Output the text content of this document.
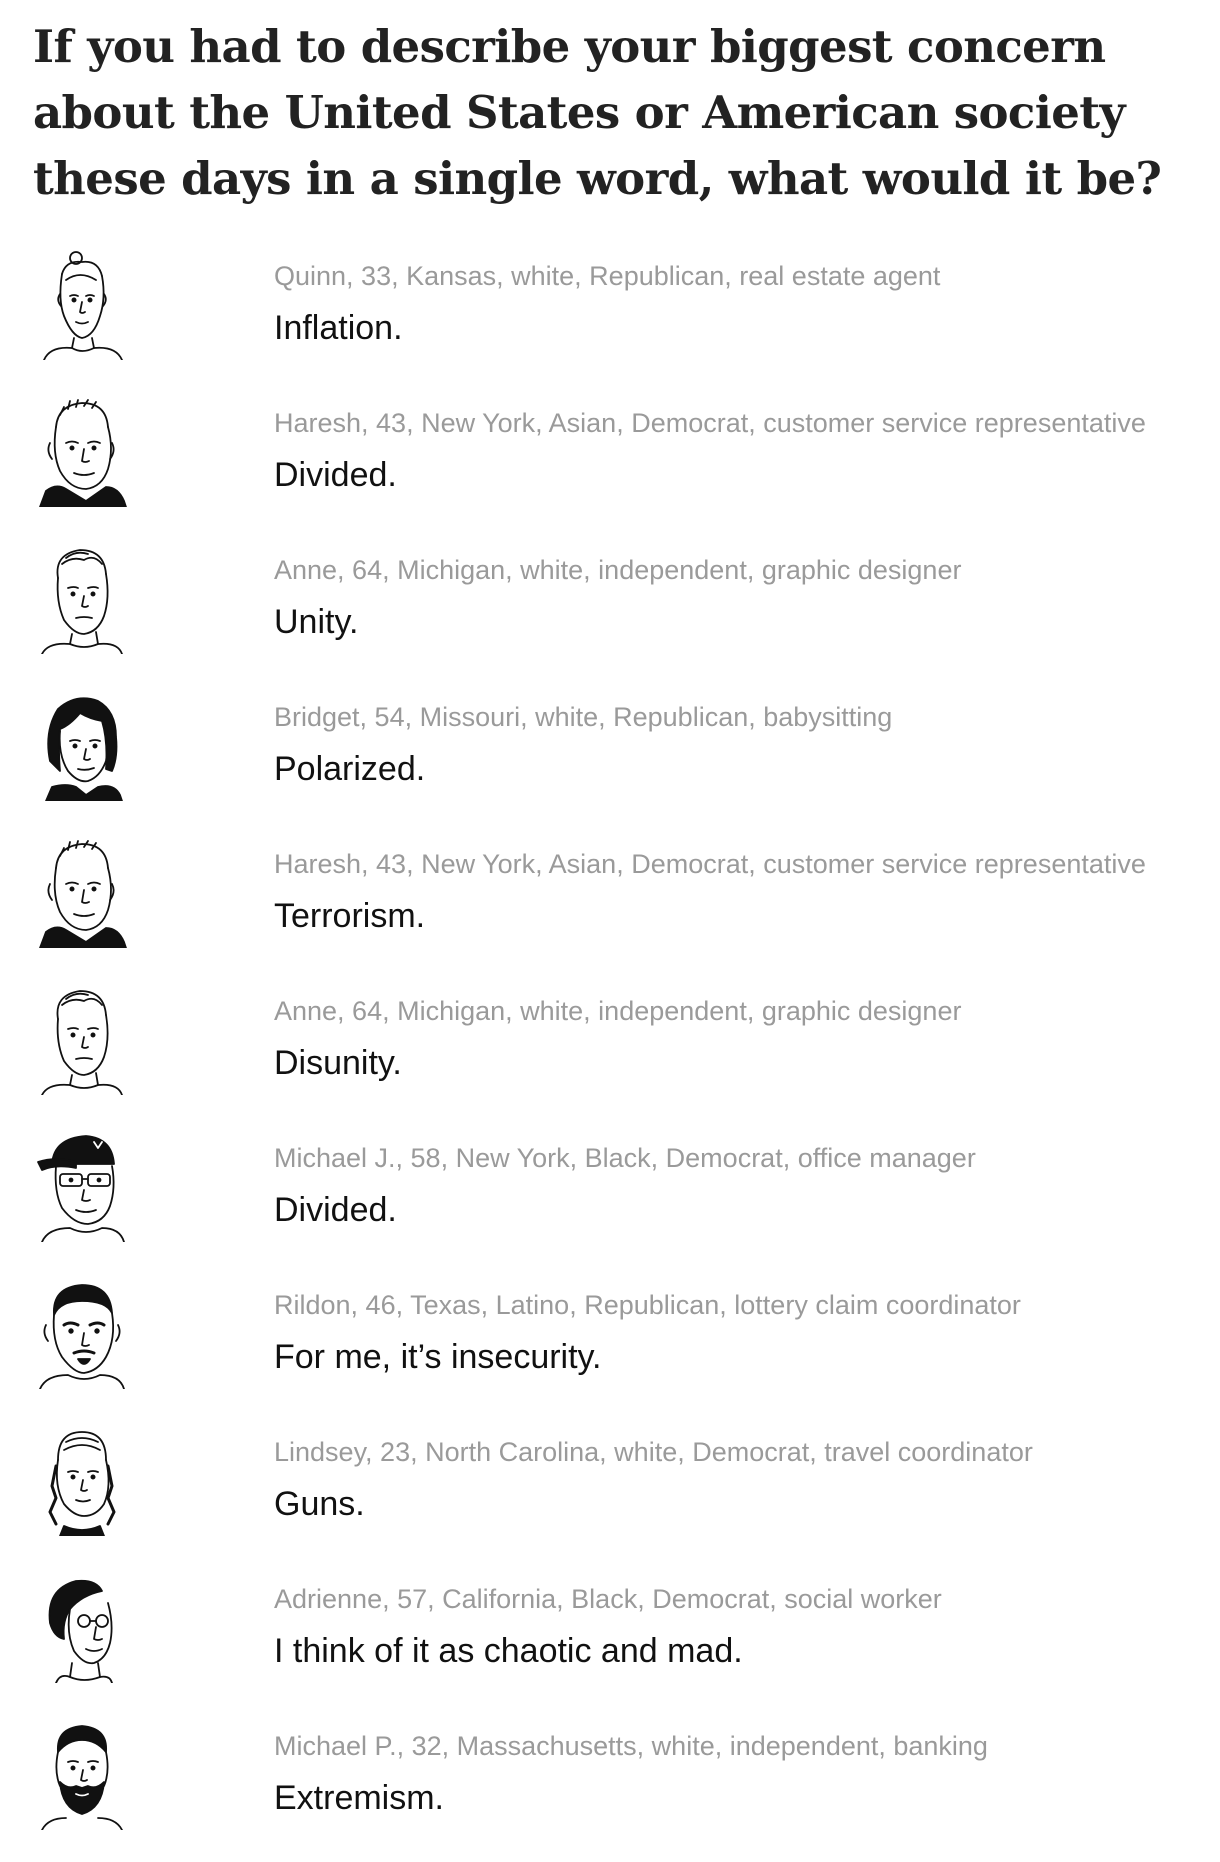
If you had to describe your biggest concern about the United States or American society these days in a single word, what would it be?
Quinn, 33, Kansas, white, Republican, real estate agent
Inflation.
Haresh, 43, New York, Asian, Democrat, customer service representative
Divided.
Anne, 64, Michigan, white, independent, graphic designer
Unity.
Bridget, 54, Missouri, white, Republican, babysitting
Polarized.
Haresh, 43, New York, Asian, Democrat, customer service representative
Terrorism.
Anne, 64, Michigan, white, independent, graphic designer
Disunity.
Michael J., 58, New York, Black, Democrat, office manager
Divided.
Rildon, 46, Texas, Latino, Republican, lottery claim coordinator
For me, it’s insecurity.
Lindsey, 23, North Carolina, white, Democrat, travel coordinator
Guns.
Adrienne, 57, California, Black, Democrat, social worker
I think of it as chaotic and mad.
Michael P., 32, Massachusetts, white, independent, banking
Extremism.
